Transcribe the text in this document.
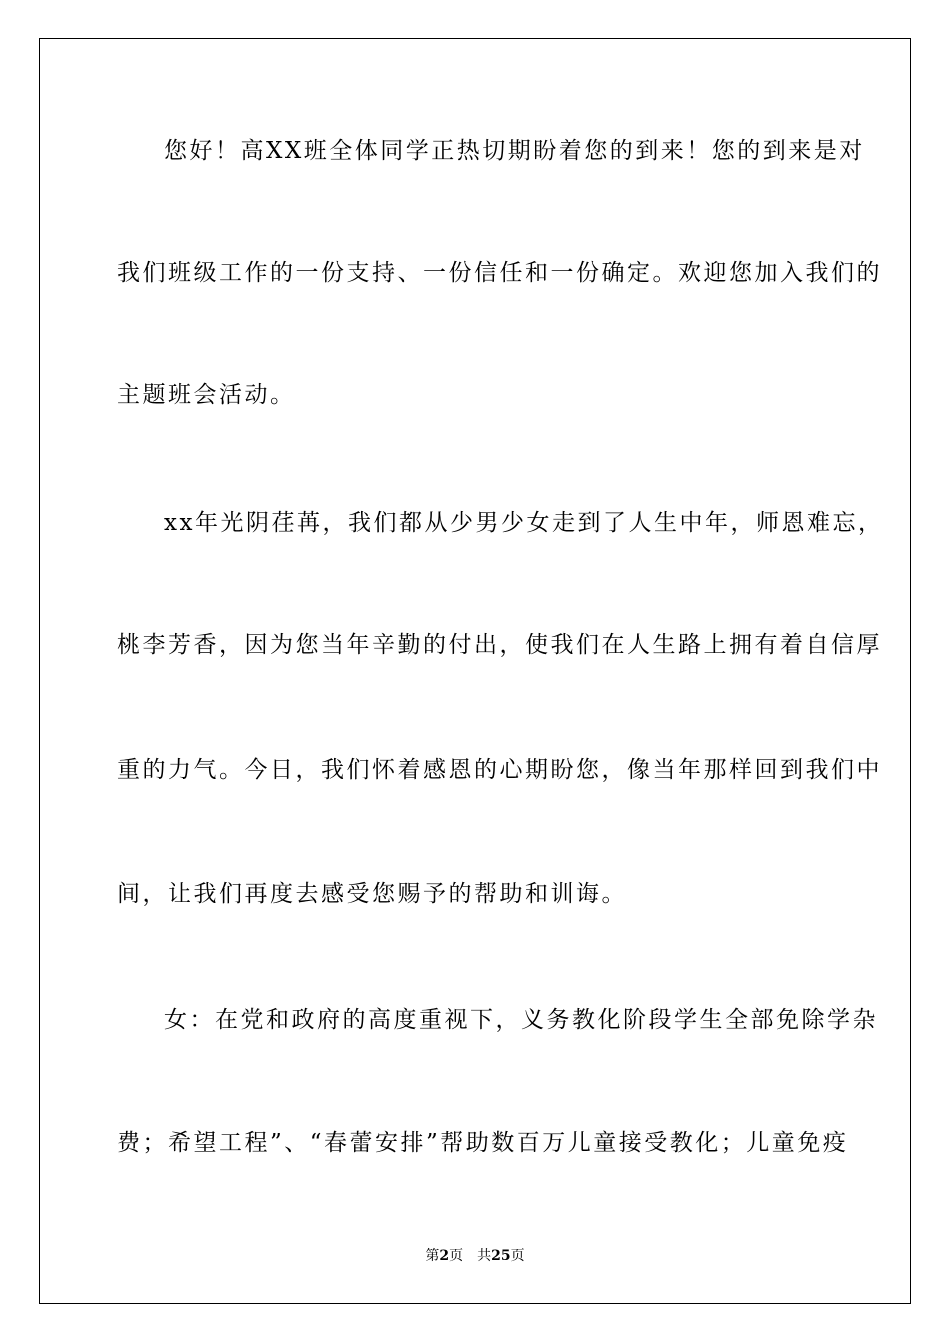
您好！高XX班全体同学正热切期盼着您的到来！您的到来是对
我们班级工作的一份支持、一份信任和一份确定。欢迎您加入我们的
主题班会活动。
xx年光阴荏苒，我们都从少男少女走到了人生中年，师恩难忘，
桃李芳香，因为您当年辛勤的付出，使我们在人生路上拥有着自信厚
重的力气。今日，我们怀着感恩的心期盼您，像当年那样回到我们中
间，让我们再度去感受您赐予的帮助和训诲。
女：在党和政府的高度重视下，义务教化阶段学生全部免除学杂
费；希望工程”、“春蕾安排”帮助数百万儿童接受教化；儿童免疫
第2页 共25页
